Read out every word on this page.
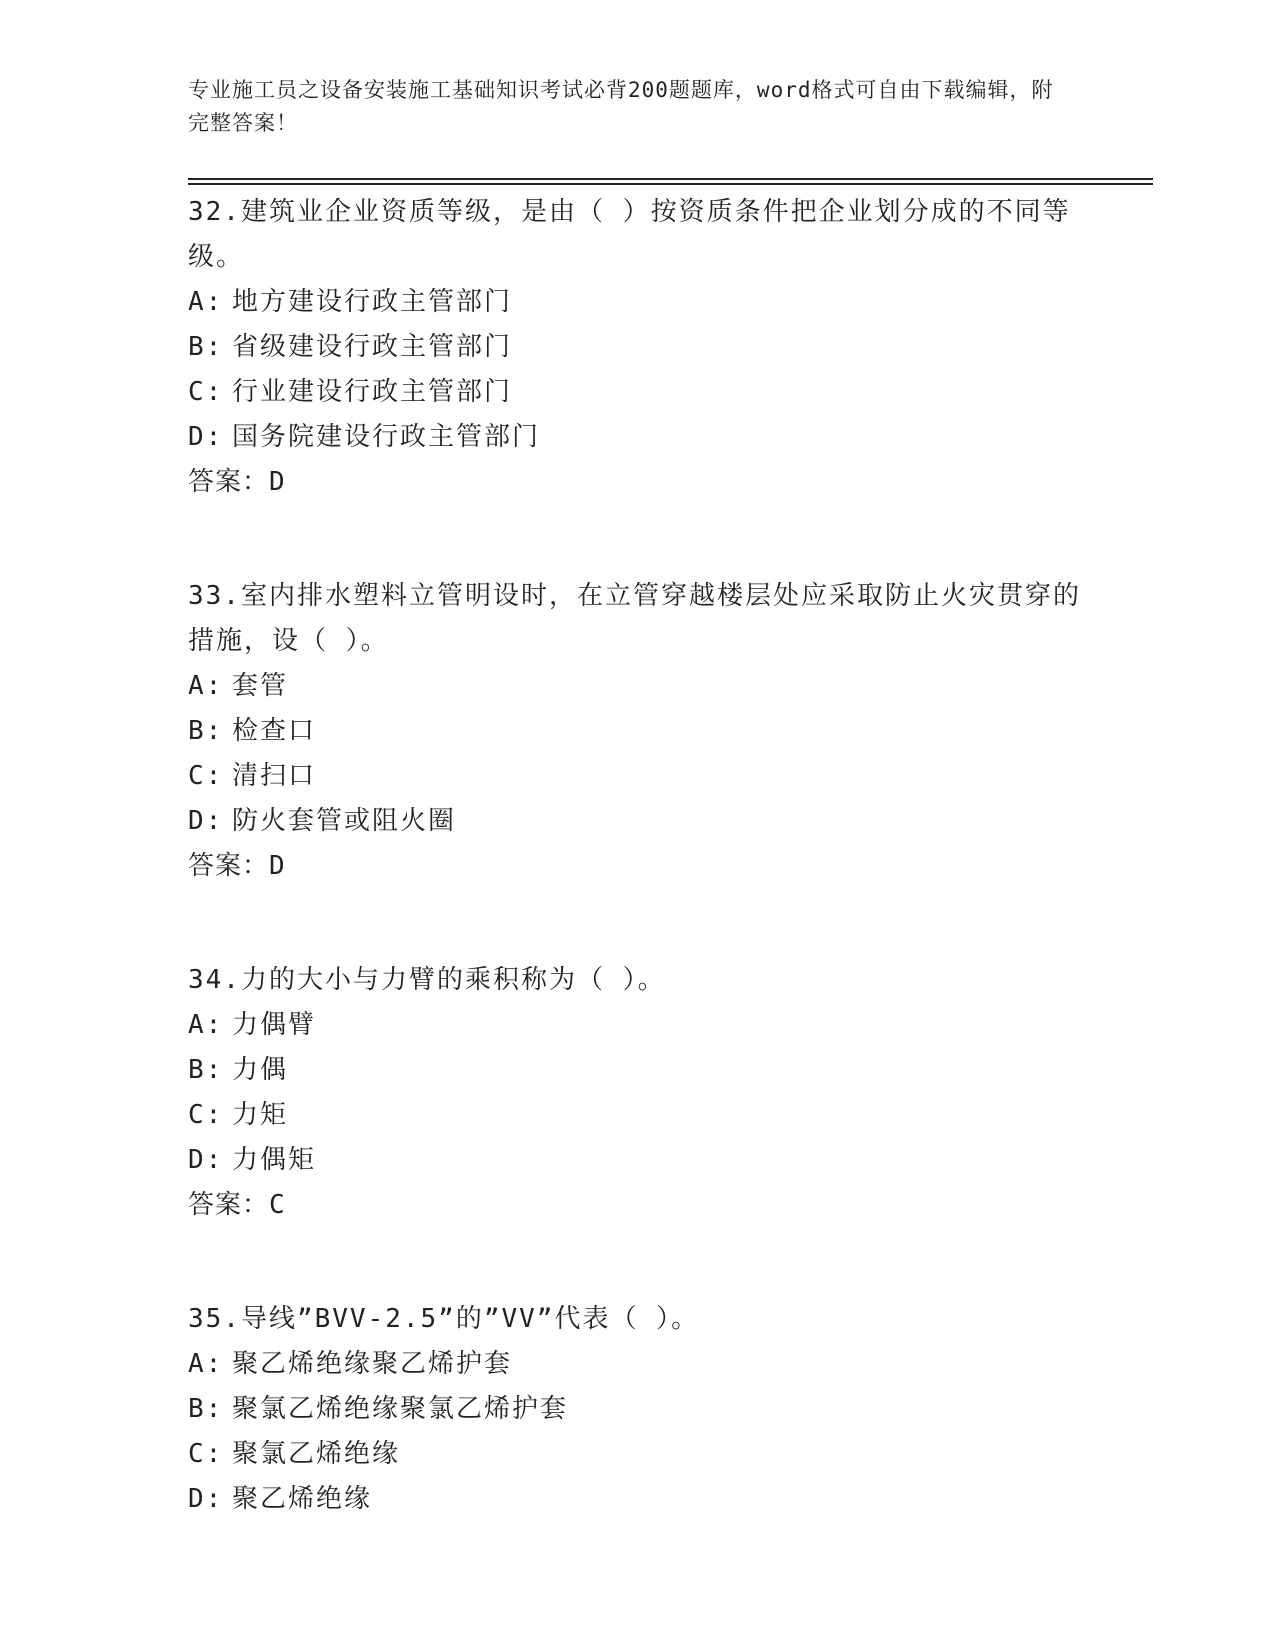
专业施工员之设备安装施工基础知识考试必背200题题库，word格式可自由下载编辑，附完整答案！

32.建筑业企业资质等级，是由（ ）按资质条件把企业划分成的不同等级。

A: 地方建设行政主管部门
B: 省级建设行政主管部门
C: 行业建设行政主管部门
D: 国务院建设行政主管部门
答案：D

33.室内排水塑料立管明设时，在立管穿越楼层处应采取防止火灾贯穿的措施，设（ ）。

A: 套管
B: 检查口
C: 清扫口
D: 防火套管或阻火圈
答案：D

34.力的大小与力臂的乘积称为（ ）。

A: 力偶臂
B: 力偶
C: 力矩
D: 力偶矩
答案：C

35.导线”BVV-2.5”的”VV”代表（ ）。

A: 聚乙烯绝缘聚乙烯护套
B: 聚氯乙烯绝缘聚氯乙烯护套
C: 聚氯乙烯绝缘
D: 聚乙烯绝缘
